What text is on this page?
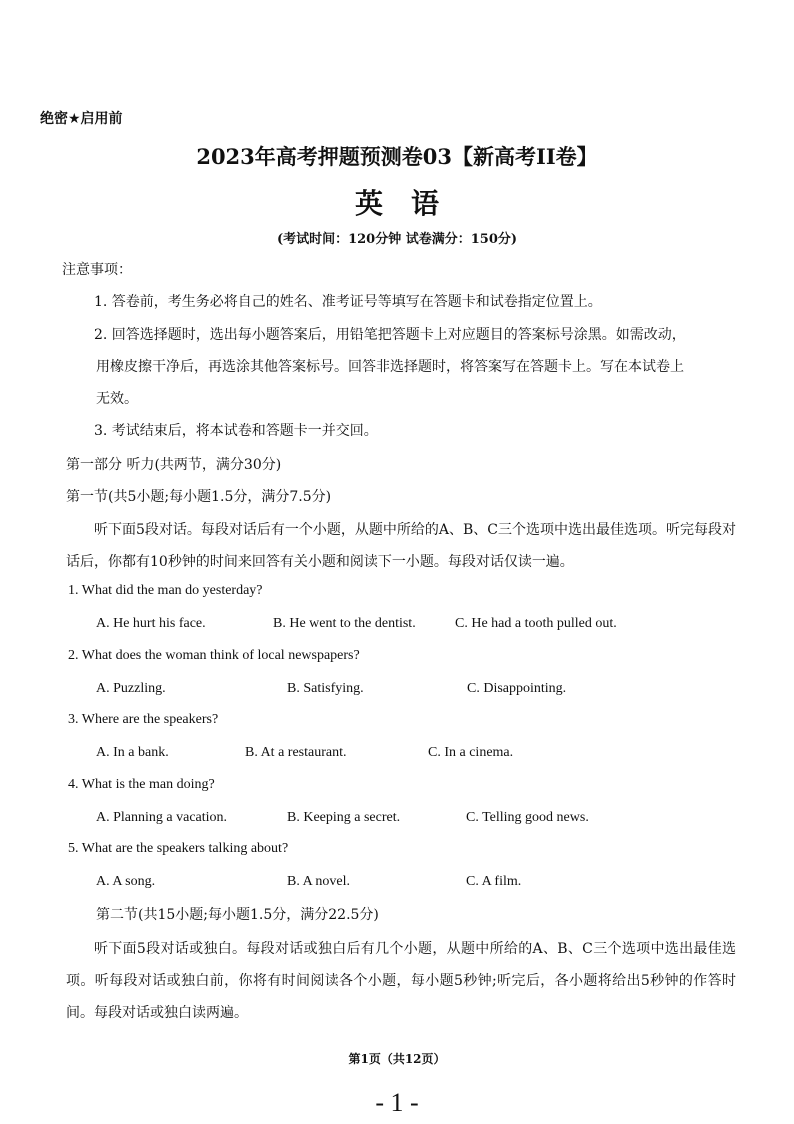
绝密★启用前
2023年高考押题预测卷03【新高考II卷】
英语
(考试时间：120分钟 试卷满分：150分)
注意事项：
1. 答卷前，考生务必将自己的姓名、准考证号等填写在答题卡和试卷指定位置上。
2. 回答选择题时，选出每小题答案后，用铅笔把答题卡上对应题目的答案标号涂黑。如需改动，
用橡皮擦干净后，再选涂其他答案标号。回答非选择题时，将答案写在答题卡上。写在本试卷上
无效。
3. 考试结束后，将本试卷和答题卡一并交回。
第一部分 听力(共两节，满分30分)
第一节(共5小题;每小题1.5分，满分7.5分)
听下面5段对话。每段对话后有一个小题，从题中所给的A、B、C三个选项中选出最佳选项。听完每段对话后，你都有10秒钟的时间来回答有关小题和阅读下一小题。每段对话仅读一遍。
1. What did the man do yesterday?
A. He hurt his face.	B. He went to the dentist.	C. He had a tooth pulled out.
2. What does the woman think of local newspapers?
A. Puzzling.	B. Satisfying.	C. Disappointing.
3. Where are the speakers?
A. In a bank.	B. At a restaurant.	C. In a cinema.
4. What is the man doing?
A. Planning a vacation.	B. Keeping a secret.	C. Telling good news.
5. What are the speakers talking about?
A. A song.	B. A novel.	C. A film.
第二节(共15小题;每小题1.5分，满分22.5分)
听下面5段对话或独白。每段对话或独白后有几个小题，从题中所给的A、B、C三个选项中选出最佳选项。听每段对话或独白前，你将有时间阅读各个小题，每小题5秒钟;听完后，各小题将给出5秒钟的作答时间。每段对话或独白读两遍。
第1页（共12页）
- 1 -
